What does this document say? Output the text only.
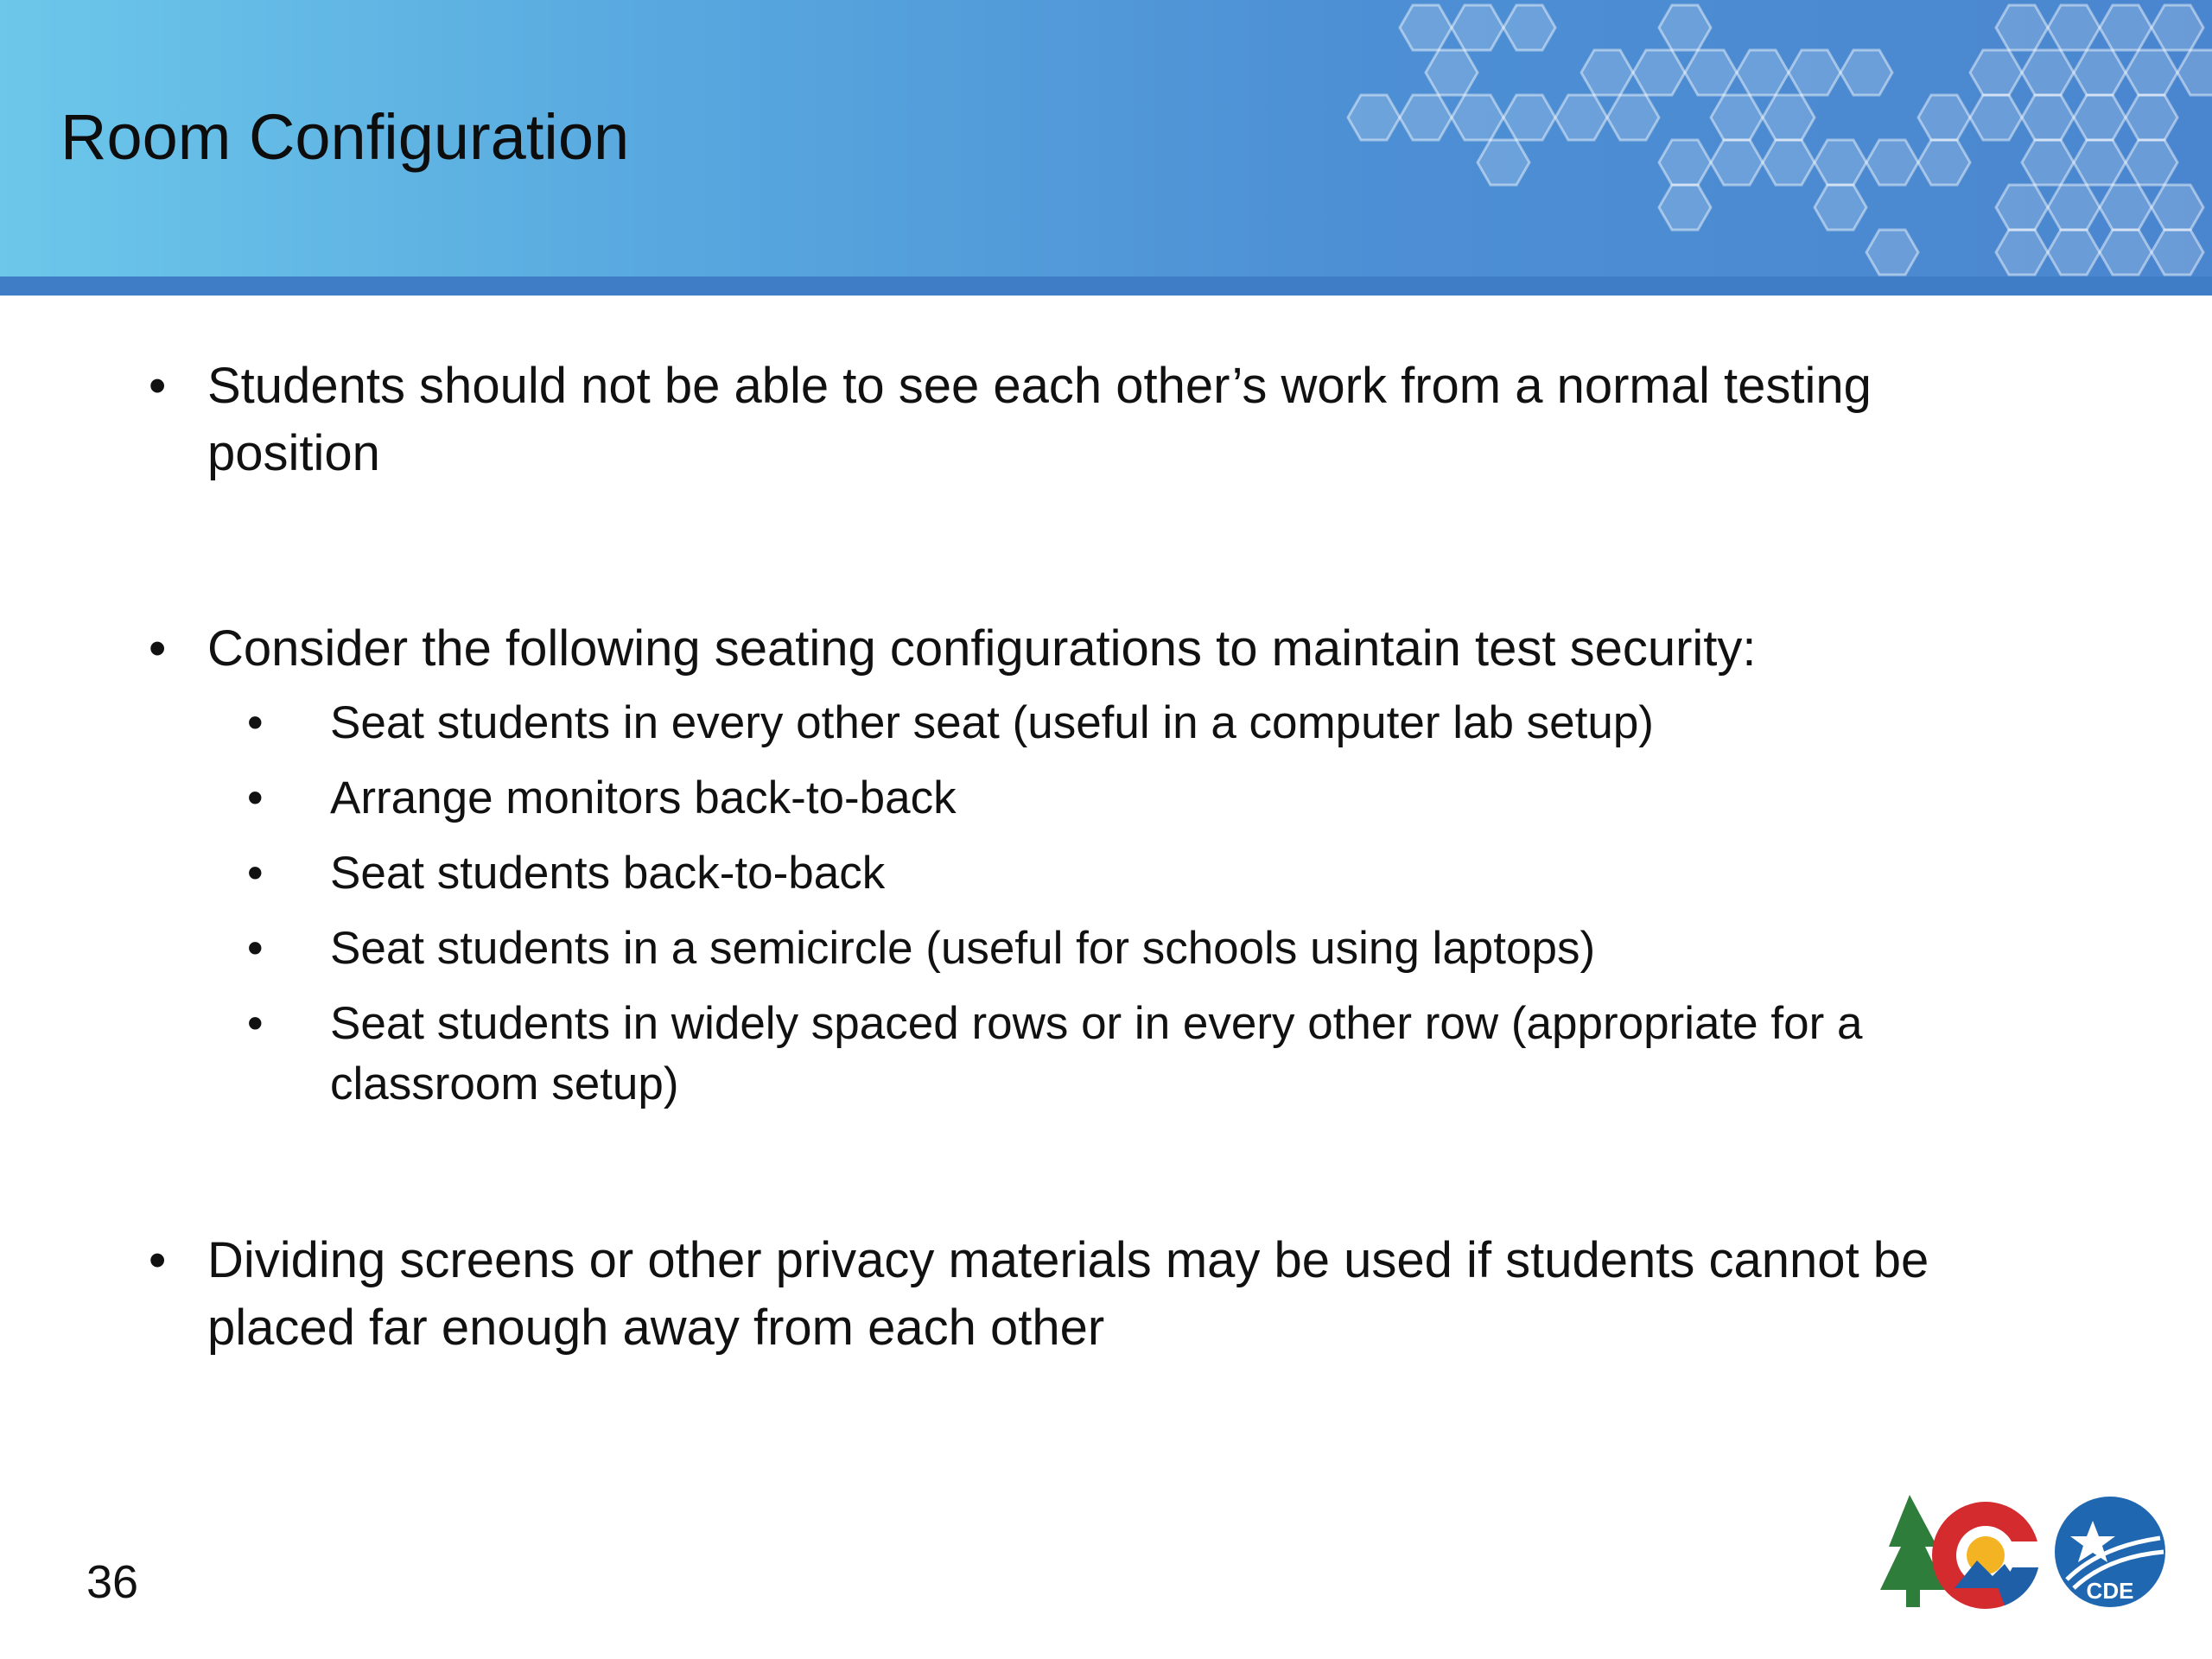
Room Configuration
• Students should not be able to see each other’s work from a normal testing position
• Consider the following seating configurations to maintain test security:
• Seat students in every other seat (useful in a computer lab setup)
• Arrange monitors back-to-back
• Seat students back-to-back
• Seat students in a semicircle (useful for schools using laptops)
• Seat students in widely spaced rows or in every other row (appropriate for a classroom setup)
• Dividing screens or other privacy materials may be used if students cannot be placed far enough away from each other
36	CDE
